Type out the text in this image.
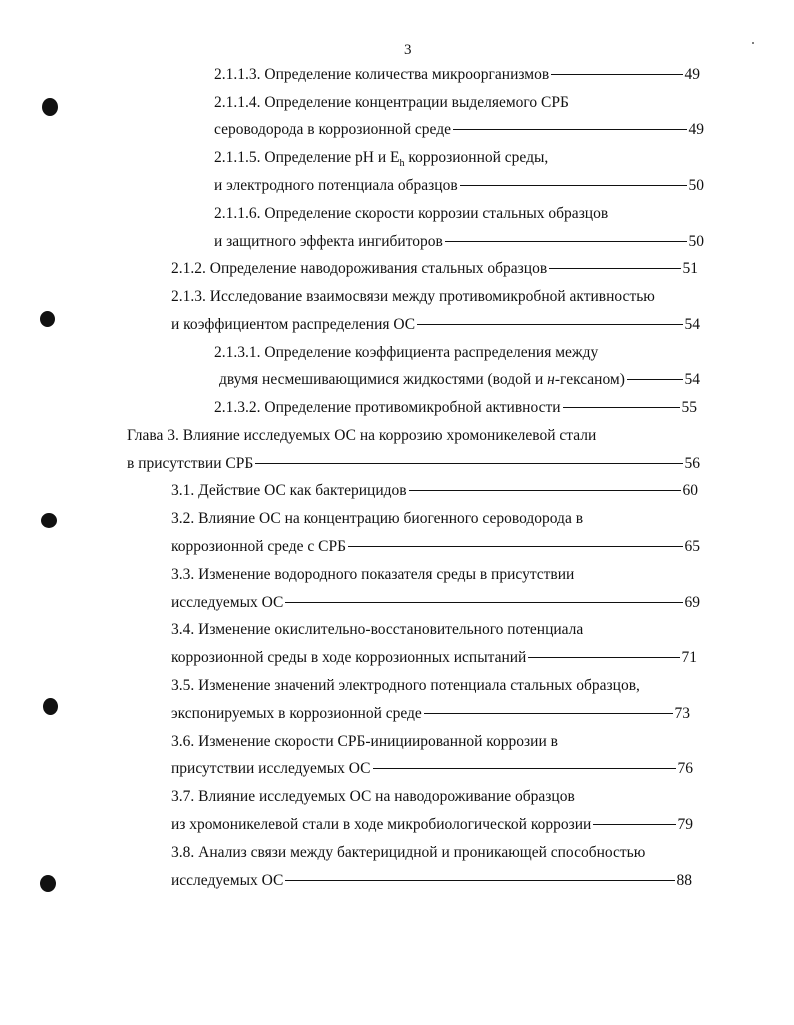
3
2.1.1.3. Определение количества микроорганизмов	49
2.1.1.4. Определение концентрации выделяемого СРБ
сероводорода в коррозионной среде	49
2.1.1.5. Определение pH и $E_h$ коррозионной среды,
и электродного потенциала образцов	50
2.1.1.6. Определение скорости коррозии стальных образцов
и защитного эффекта ингибиторов	50
2.1.2. Определение наводороживания стальных образцов	51
2.1.3. Исследование взаимосвязи между противомикробной активностью
и коэффициентом распределения ОС	54
2.1.3.1. Определение коэффициента распределения между
двумя несмешивающимися жидкостями (водой и н-гексаном)	54
2.1.3.2. Определение противомикробной активности	55
Глава 3. Влияние исследуемых ОС на коррозию хромоникелевой стали
в присутствии СРБ	56
3.1. Действие ОС как бактерицидов	60
3.2. Влияние ОС на концентрацию биогенного сероводорода в
коррозионной среде с СРБ	65
3.3. Изменение водородного показателя среды в присутствии
исследуемых ОС	69
3.4. Изменение окислительно-восстановительного потенциала
коррозионной среды в ходе коррозионных испытаний	71
3.5. Изменение значений электродного потенциала стальных образцов,
экспонируемых в коррозионной среде	73
3.6. Изменение скорости СРБ-инициированной коррозии в
присутствии исследуемых ОС	76
3.7. Влияние исследуемых ОС на наводороживание образцов
из хромоникелевой стали в ходе микробиологической коррозии	79
3.8. Анализ связи между бактерицидной и проникающей способностью
исследуемых ОС	88
